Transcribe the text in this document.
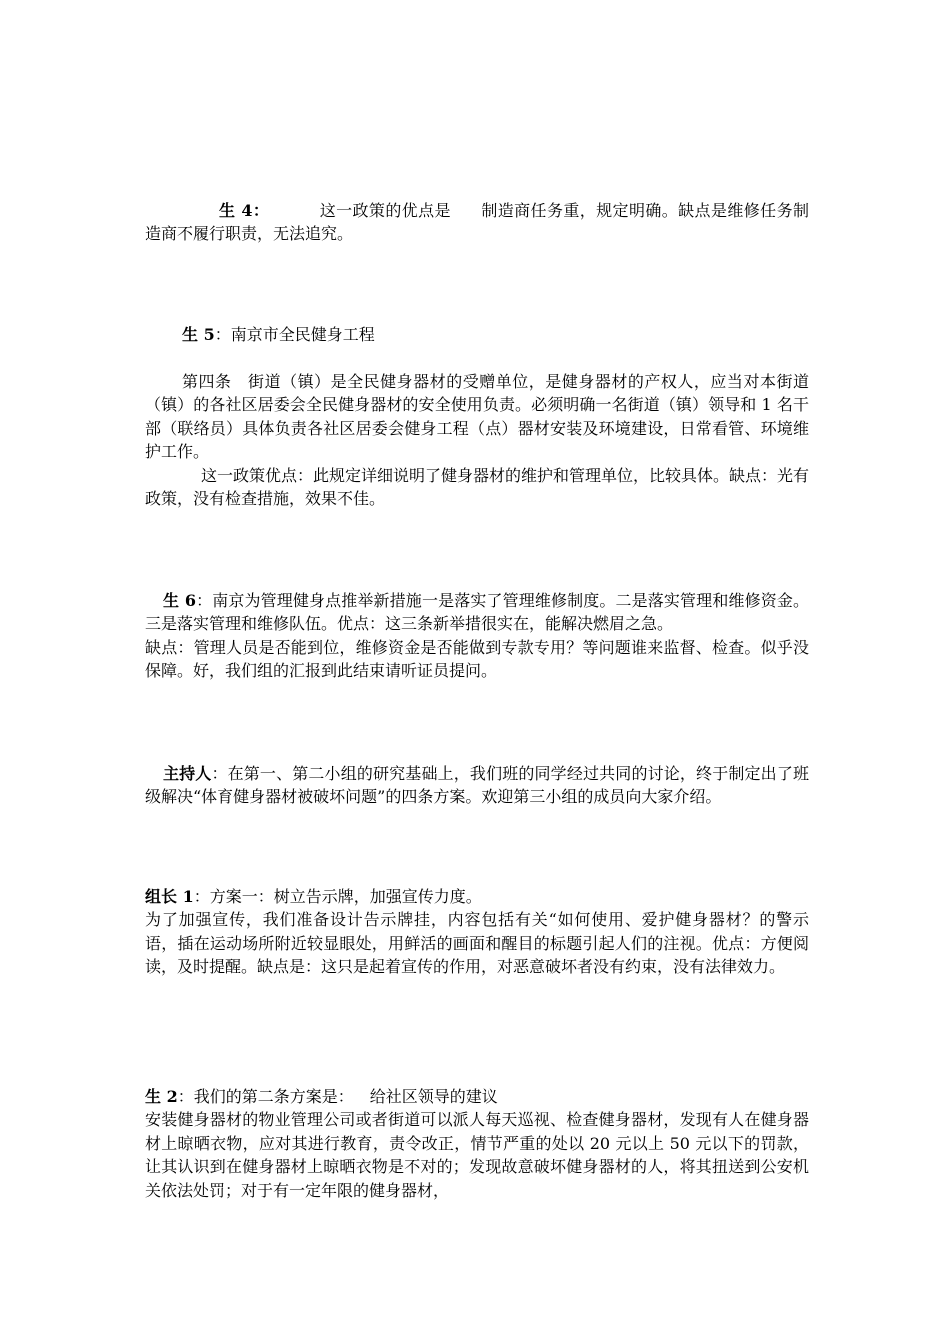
生 4：	这一政策的优点是 制造商任务重，规定明确。缺点是维修任务制造商不履行职责，无法追究。

生 5：南京市全民健身工程

第四条　街道（镇）是全民健身器材的受赠单位，是健身器材的产权人，应当对本街道（镇）的各社区居委会全民健身器材的安全使用负责。必须明确一名街道（镇）领导和 1 名干部（联络员）具体负责各社区居委会健身工程（点）器材安装及环境建设，日常看管、环境维护工作。

这一政策优点：此规定详细说明了健身器材的维护和管理单位，比较具体。缺点：光有政策，没有检查措施，效果不佳。

生 6：南京为管理健身点推举新措施一是落实了管理维修制度。二是落实管理和维修资金。三是落实管理和维修队伍。优点：这三条新举措很实在，能解决燃眉之急。

缺点：管理人员是否能到位，维修资金是否能做到专款专用？等问题谁来监督、检查。似乎没保障。好，我们组的汇报到此结束请听证员提问。

主持人：在第一、第二小组的研究基础上，我们班的同学经过共同的讨论，终于制定出了班级解决“体育健身器材被破坏问题”的四条方案。欢迎第三小组的成员向大家介绍。

组长 1：方案一：树立告示牌，加强宣传力度。

为了加强宣传，我们准备设计告示牌挂，内容包括有关“如何使用、爱护健身器材？的警示语，插在运动场所附近较显眼处，用鲜活的画面和醒目的标题引起人们的注视。优点：方便阅读，及时提醒。缺点是：这只是起着宣传的作用，对恶意破坏者没有约束，没有法律效力。

生 2：我们的第二条方案是： 给社区领导的建议

安装健身器材的物业管理公司或者街道可以派人每天巡视、检查健身器材，发现有人在健身器材上晾晒衣物，应对其进行教育，责令改正，情节严重的处以 20 元以上 50 元以下的罚款，让其认识到在健身器材上晾晒衣物是不对的；发现故意破坏健身器材的人，将其扭送到公安机关依法处罚；对于有一定年限的健身器材，
